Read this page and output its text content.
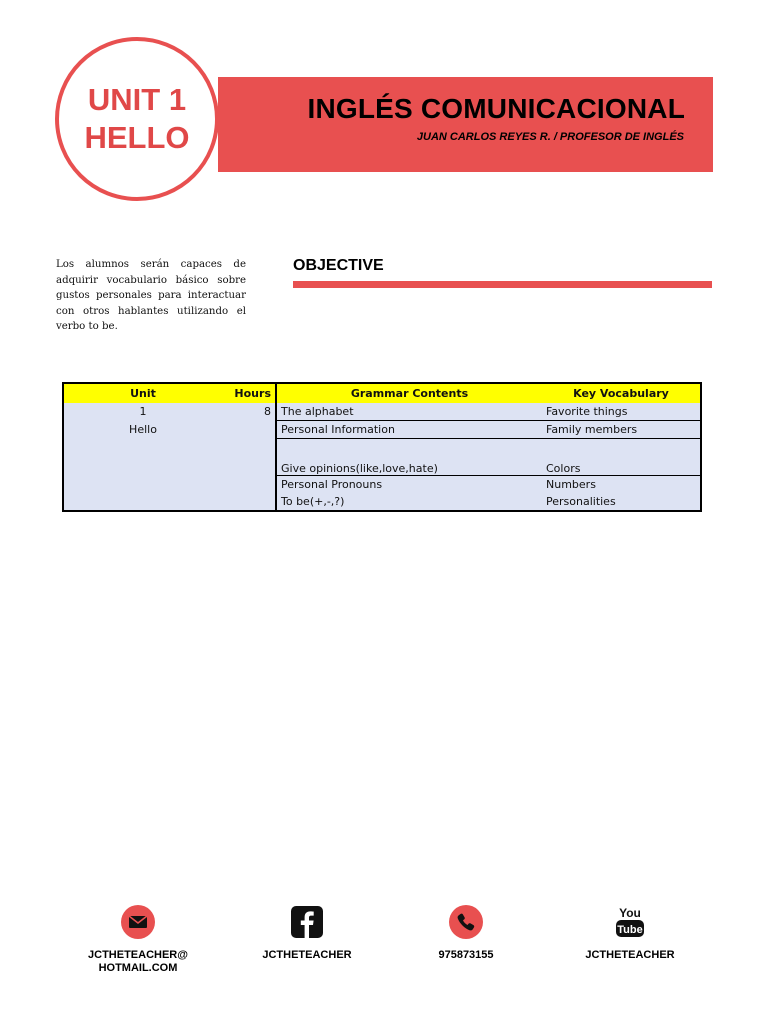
INGLÉS COMUNICACIONAL
JUAN CARLOS REYES R. / PROFESOR DE INGLÉS
UNIT 1
HELLO
Los alumnos serán capaces de adquirir vocabulario básico sobre gustos personales para interactuar con otros hablantes utilizando el verbo to be.
OBJECTIVE
Unit	Hours	Grammar Contents	Key Vocabulary
1	8	The alphabet	Favorite things
Hello		Personal Information	Family members
		Give opinions(like,love,hate)	Colors
		Personal Pronouns	Numbers
		To be(+,-,?)	Personalities
JCTHETEACHER@
HOTMAIL.COM
JCTHETEACHER	975873155
You
Tube
JCTHETEACHER
